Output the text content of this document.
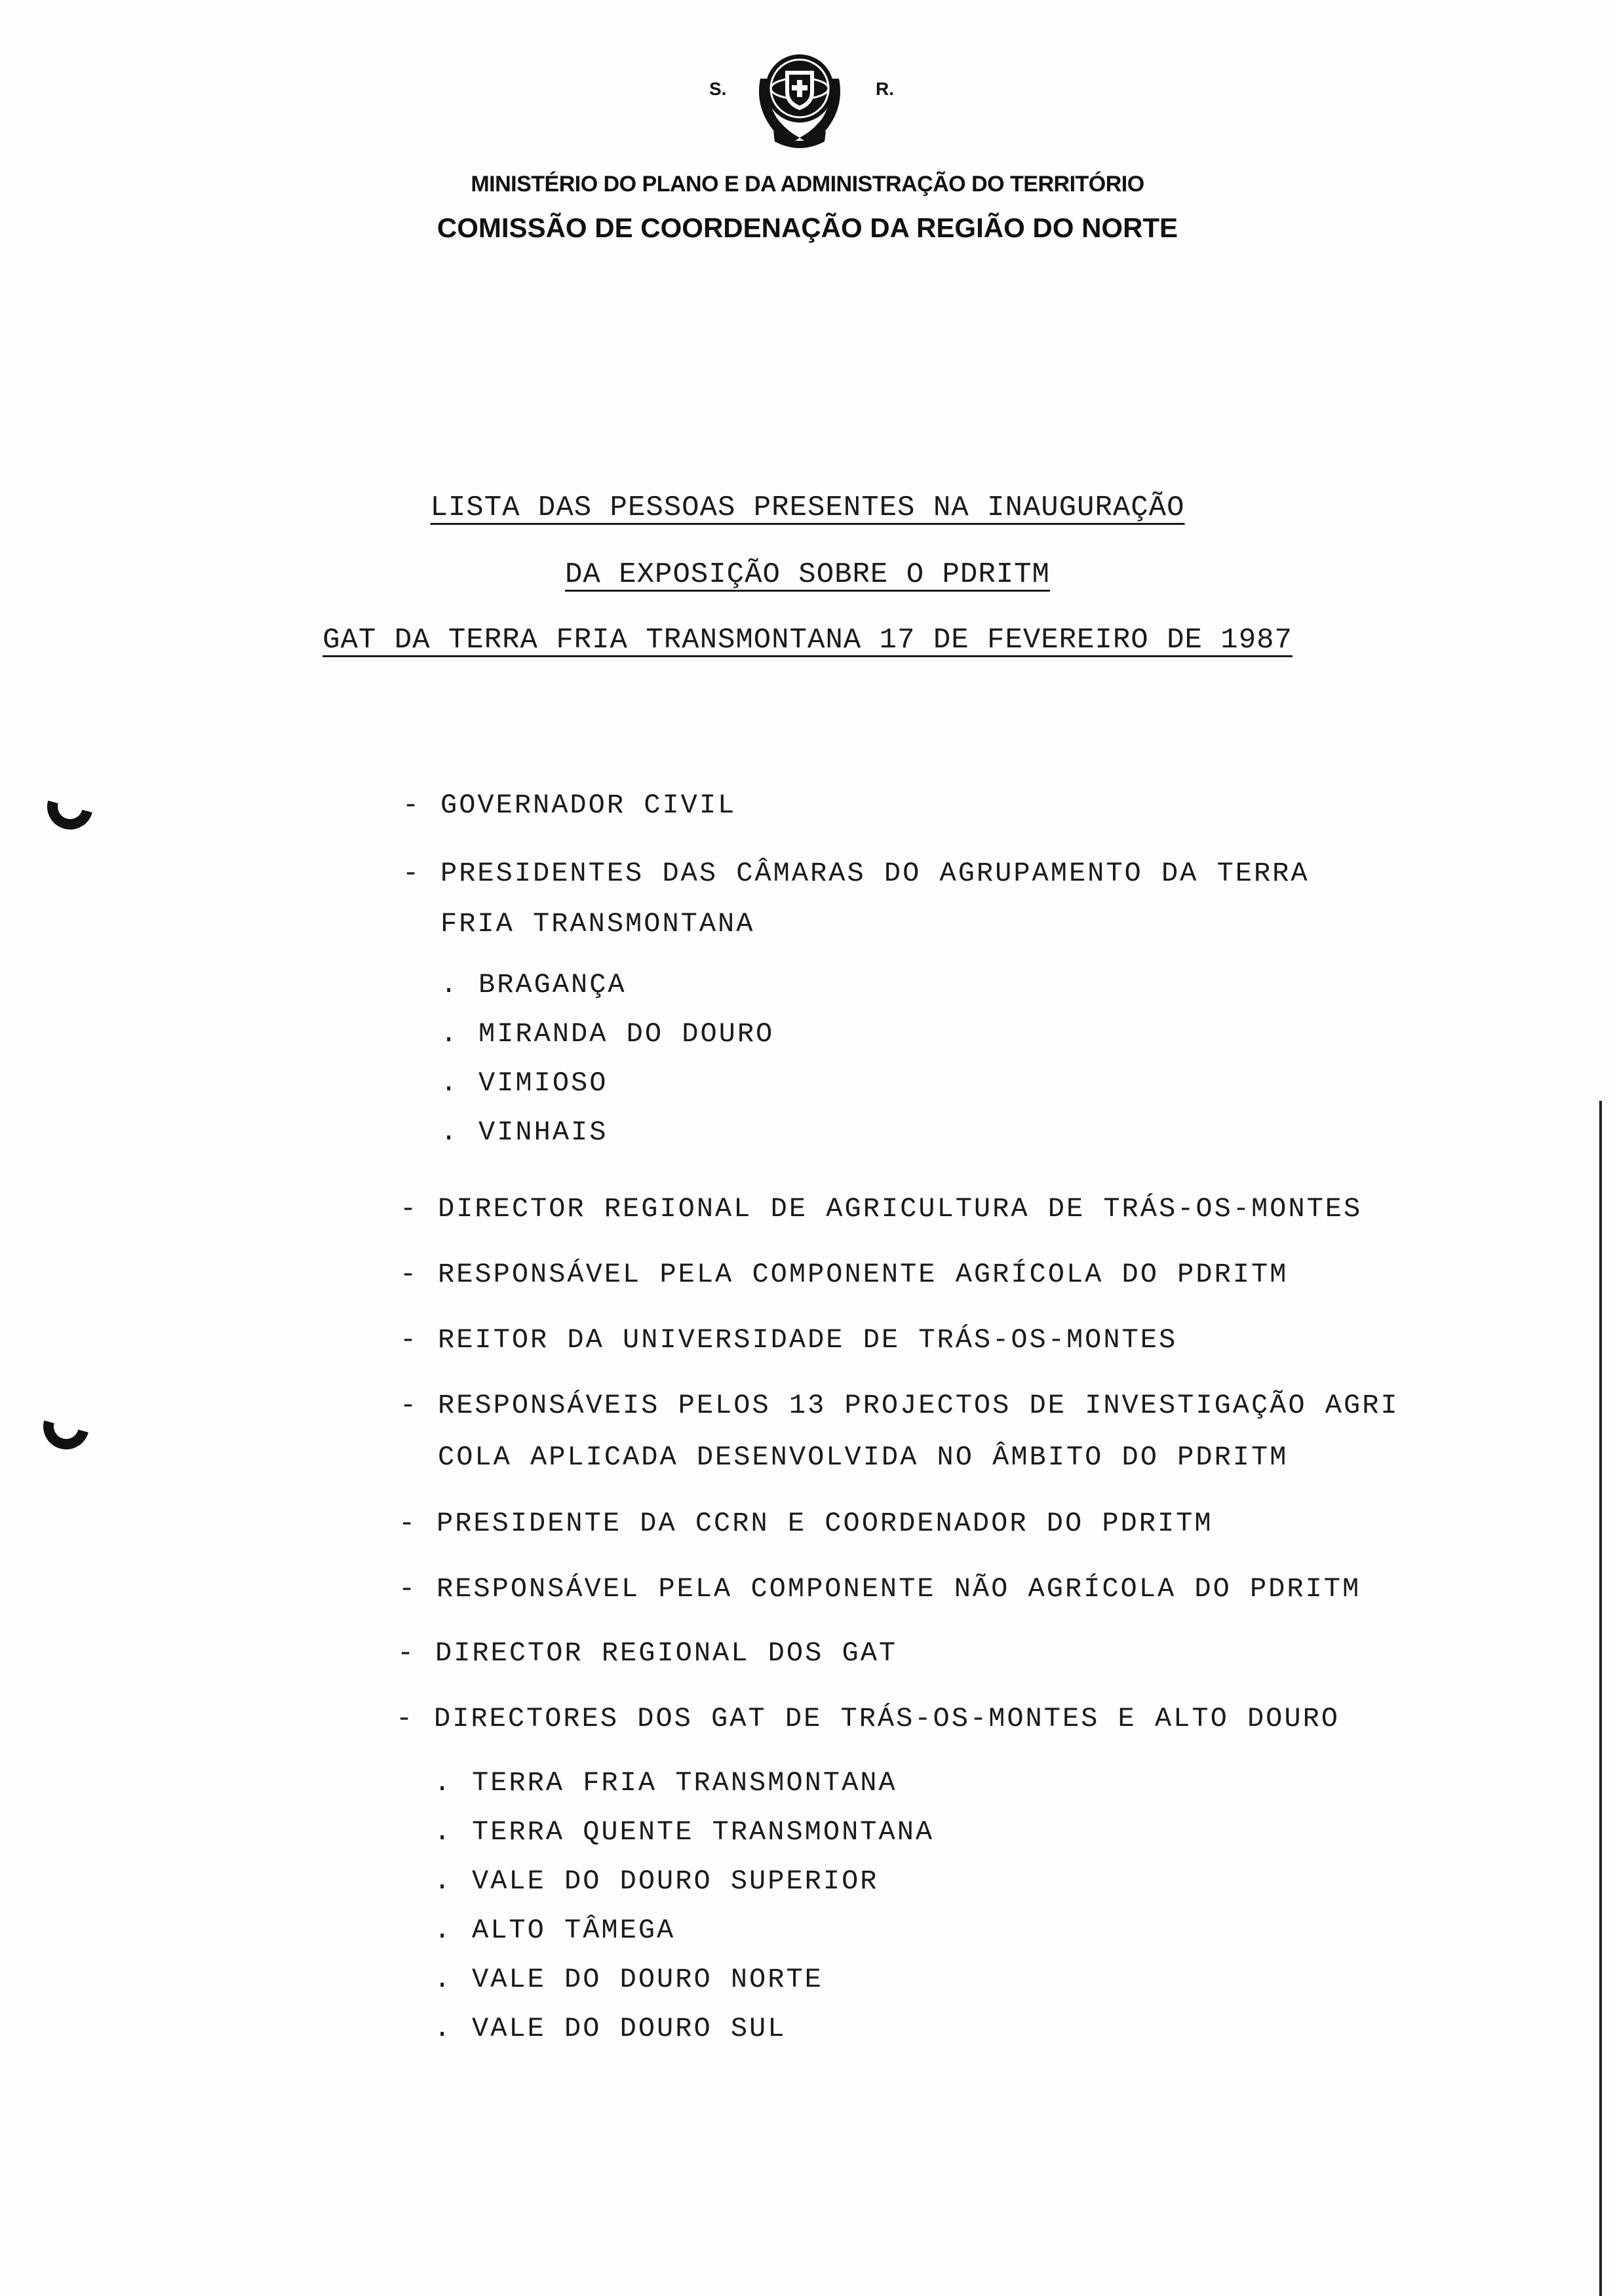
S.	R.
MINISTÉRIO DO PLANO E DA ADMINISTRAÇÃO DO TERRITÓRIO
COMISSÃO DE COORDENAÇÃO DA REGIÃO DO NORTE
LISTA DAS PESSOAS PRESENTES NA INAUGURAÇÃO
DA EXPOSIÇÃO SOBRE O PDRITM
GAT DA TERRA FRIA TRANSMONTANA 17 DE FEVEREIRO DE 1987
- GOVERNADOR CIVIL
- PRESIDENTES DAS CÂMARAS DO AGRUPAMENTO DA TERRA
FRIA TRANSMONTANA
. BRAGANÇA
. MIRANDA DO DOURO
. VIMIOSO
. VINHAIS
- DIRECTOR REGIONAL DE AGRICULTURA DE TRÁS-OS-MONTES
- RESPONSÁVEL PELA COMPONENTE AGRÍCOLA DO PDRITM
- REITOR DA UNIVERSIDADE DE TRÁS-OS-MONTES
- RESPONSÁVEIS PELOS 13 PROJECTOS DE INVESTIGAÇÃO AGRI
COLA APLICADA DESENVOLVIDA NO ÂMBITO DO PDRITM
- PRESIDENTE DA CCRN E COORDENADOR DO PDRITM
- RESPONSÁVEL PELA COMPONENTE NÃO AGRÍCOLA DO PDRITM
- DIRECTOR REGIONAL DOS GAT
- DIRECTORES DOS GAT DE TRÁS-OS-MONTES E ALTO DOURO
. TERRA FRIA TRANSMONTANA
. TERRA QUENTE TRANSMONTANA
. VALE DO DOURO SUPERIOR
. ALTO TÂMEGA
. VALE DO DOURO NORTE
. VALE DO DOURO SUL
